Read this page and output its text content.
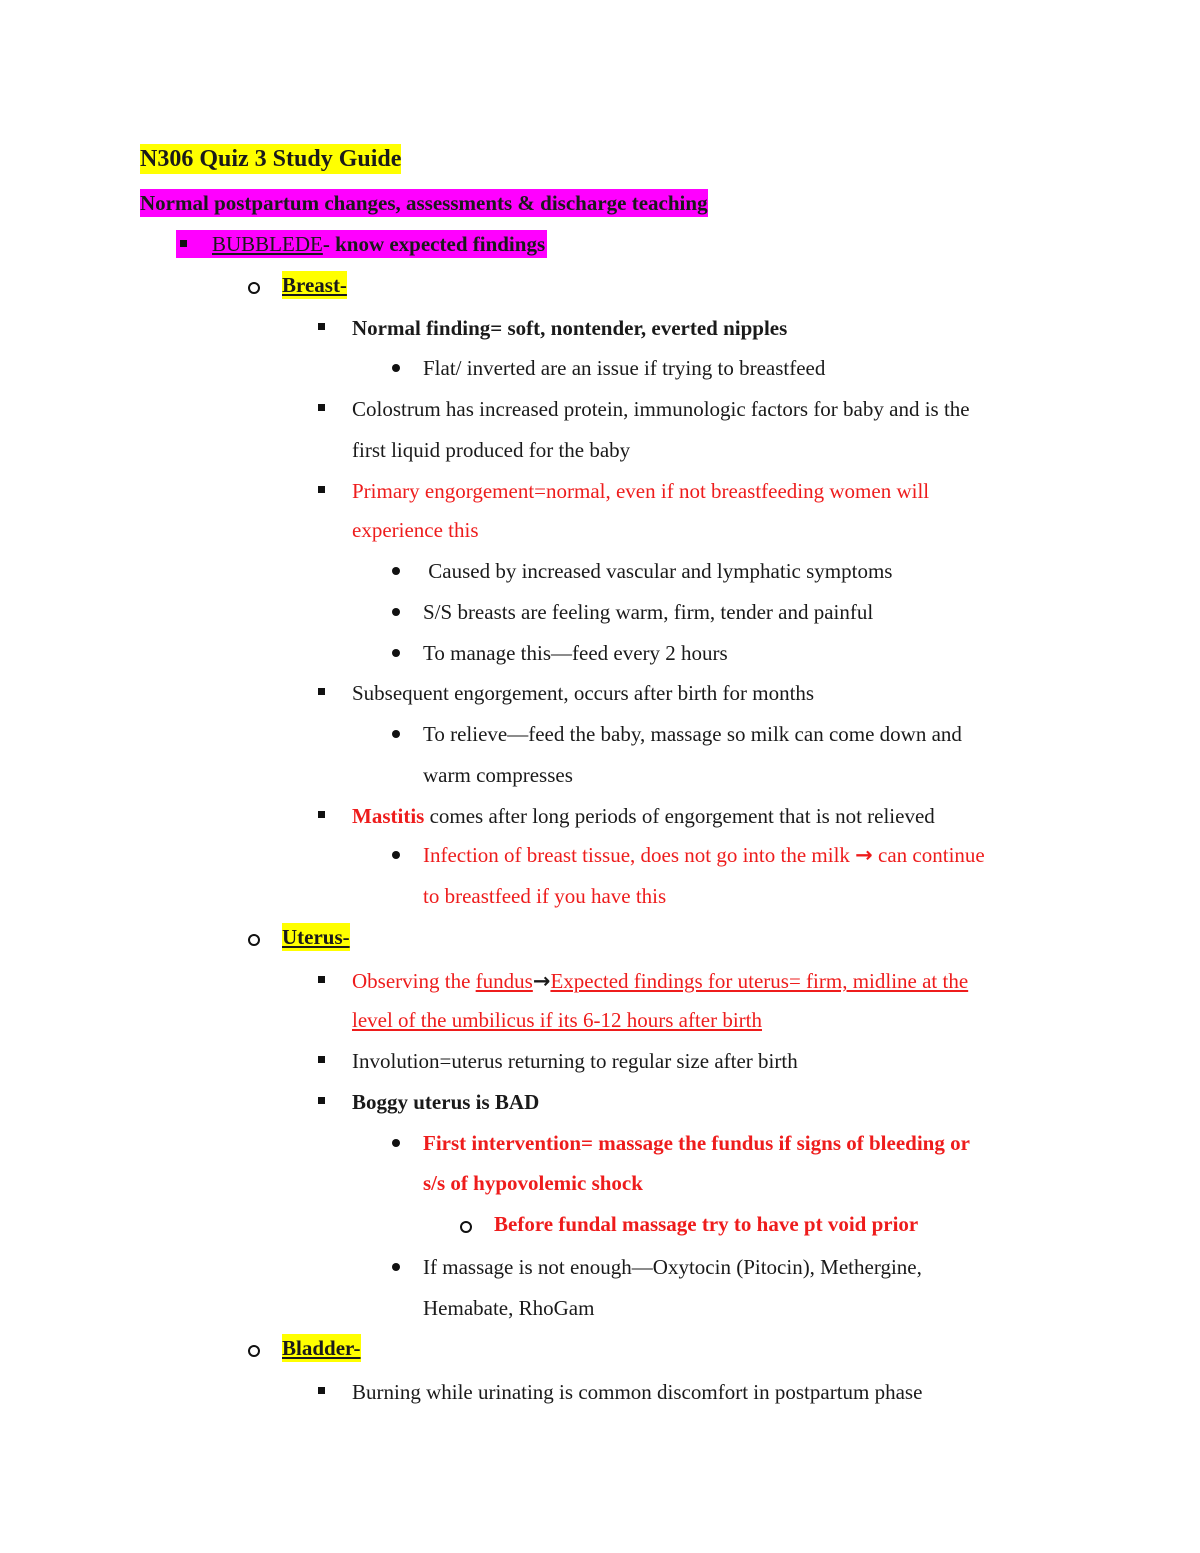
N306 Quiz 3 Study Guide
Normal postpartum changes, assessments & discharge teaching
BUBBLEDE- know expected findings
Breast-
Normal finding= soft, nontender, everted nipples
Flat/ inverted are an issue if trying to breastfeed
Colostrum has increased protein, immunologic factors for baby and is the
first liquid produced for the baby
Primary engorgement=normal, even if not breastfeeding women will
experience this
Caused by increased vascular and lymphatic symptoms
S/S breasts are feeling warm, firm, tender and painful
To manage this—feed every 2 hours
Subsequent engorgement, occurs after birth for months
To relieve—feed the baby, massage so milk can come down and
warm compresses
Mastitis comes after long periods of engorgement that is not relieved
Infection of breast tissue, does not go into the milk → can continue
to breastfeed if you have this
Uterus-
Observing the fundus→Expected findings for uterus= firm, midline at the
level of the umbilicus if its 6-12 hours after birth
Involution=uterus returning to regular size after birth
Boggy uterus is BAD
First intervention= massage the fundus if signs of bleeding or
s/s of hypovolemic shock
Before fundal massage try to have pt void prior
If massage is not enough—Oxytocin (Pitocin), Methergine,
Hemabate, RhoGam
Bladder-
Burning while urinating is common discomfort in postpartum phase
